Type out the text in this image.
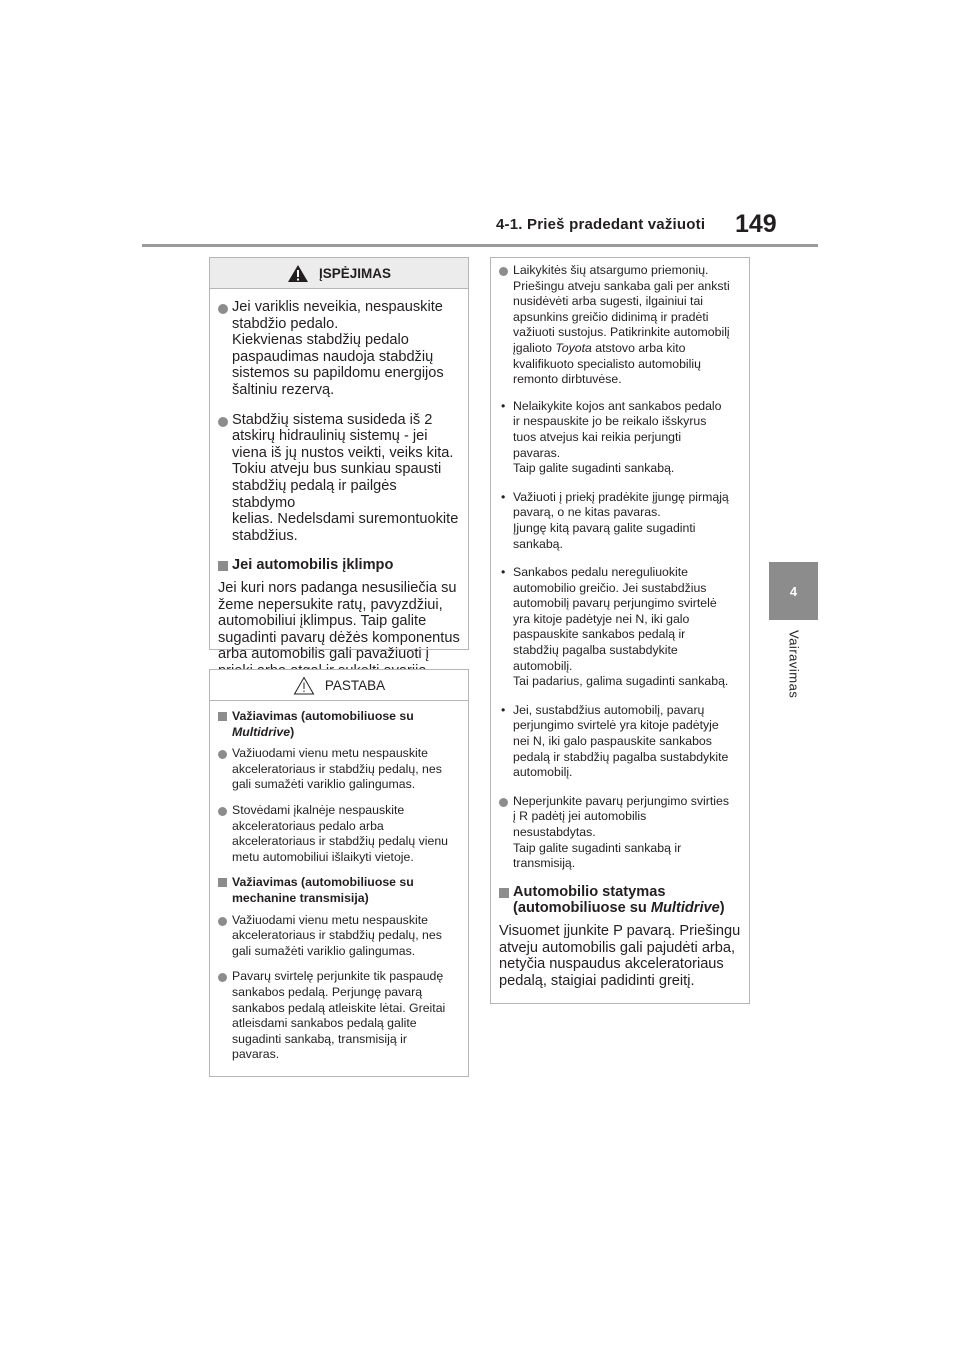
4-1. Prieš pradedant važiuoti 149
4
Vairavimas
ĮSPĖJIMAS
Jei variklis neveikia, nespauskite
stabdžio pedalo.
Kiekvienas stabdžių pedalo
paspaudimas naudoja stabdžių
sistemos su papildomu energijos
šaltiniu rezervą.
Stabdžių sistema susideda iš 2
atskirų hidraulinių sistemų - jei
viena iš jų nustos veikti, veiks kita.
Tokiu atveju bus sunkiau spausti
stabdžių pedalą ir pailgės stabdymo
kelias. Nedelsdami suremontuokite
stabdžius.
Jei automobilis įklimpo
Jei kuri nors padanga nesusiliečia su
žeme nepersukite ratų, pavyzdžiui,
automobiliui įklimpus. Taip galite
sugadinti pavarų dėžės komponentus
arba automobilis gali pavažiuoti į

PASTABA
Važiavimas (automobiliuose su
Multidrive)
Važiuodami vienu metu nespauskite
akceleratoriaus ir stabdžių pedalų, nes
gali sumažėti variklio galingumas.
Stovėdami įkalnėje nespauskite
akceleratoriaus pedalo arba
akceleratoriaus ir stabdžių pedalų vienu
metu automobiliui išlaikyti vietoje.
Važiavimas (automobiliuose su
mechanine transmisija)
Važiuodami vienu metu nespauskite
akceleratoriaus ir stabdžių pedalų, nes
gali sumažėti variklio galingumas.
Pavarų svirtelę perjunkite tik paspaudę
sankabos pedalą. Perjungę pavarą
sankabos pedalą atleiskite lėtai. Greitai
atleisdami sankabos pedalą galite
sugadinti sankabą, transmisiją ir
pavaras.
Laikykitės šių atsargumo priemonių.
Priešingu atveju sankaba gali per anksti
nusidėvėti arba sugesti, ilgainiui tai
apsunkins greičio didinimą ir pradėti
važiuoti sustojus. Patikrinkite automobilį
įgalioto Toyota atstovo arba kito
kvalifikuoto specialisto automobilių
remonto dirbtuvėse.
• Nelaikykite kojos ant sankabos pedalo
ir nespauskite jo be reikalo išskyrus
tuos atvejus kai reikia perjungti
pavaras.
Taip galite sugadinti sankabą.
• Važiuoti į priekį pradėkite įjungę pirmąją
pavarą, o ne kitas pavaras.
Įjungę kitą pavarą galite sugadinti
sankabą.
• Sankabos pedalu nereguliuokite
automobilio greičio. Jei sustabdžius
automobilį pavarų perjungimo svirtelė
yra kitoje padėtyje nei N, iki galo
paspauskite sankabos pedalą ir
stabdžių pagalba sustabdykite
automobilį.
Tai padarius, galima sugadinti sankabą.
• Jei, sustabdžius automobilį, pavarų
perjungimo svirtelė yra kitoje padėtyje
nei N, iki galo paspauskite sankabos
pedalą ir stabdžių pagalba sustabdykite
automobilį.
Neperjunkite pavarų perjungimo svirties
į R padėtį jei automobilis
nesustabdytas.
Taip galite sugadinti sankabą ir
transmisiją.
Automobilio statymas
(automobiliuose su Multidrive)
Visuomet įjunkite P pavarą. Priešingu
atveju automobilis gali pajudėti arba,
netyčia nuspaudus akceleratoriaus
pedalą, staigiai padidinti greitį.
